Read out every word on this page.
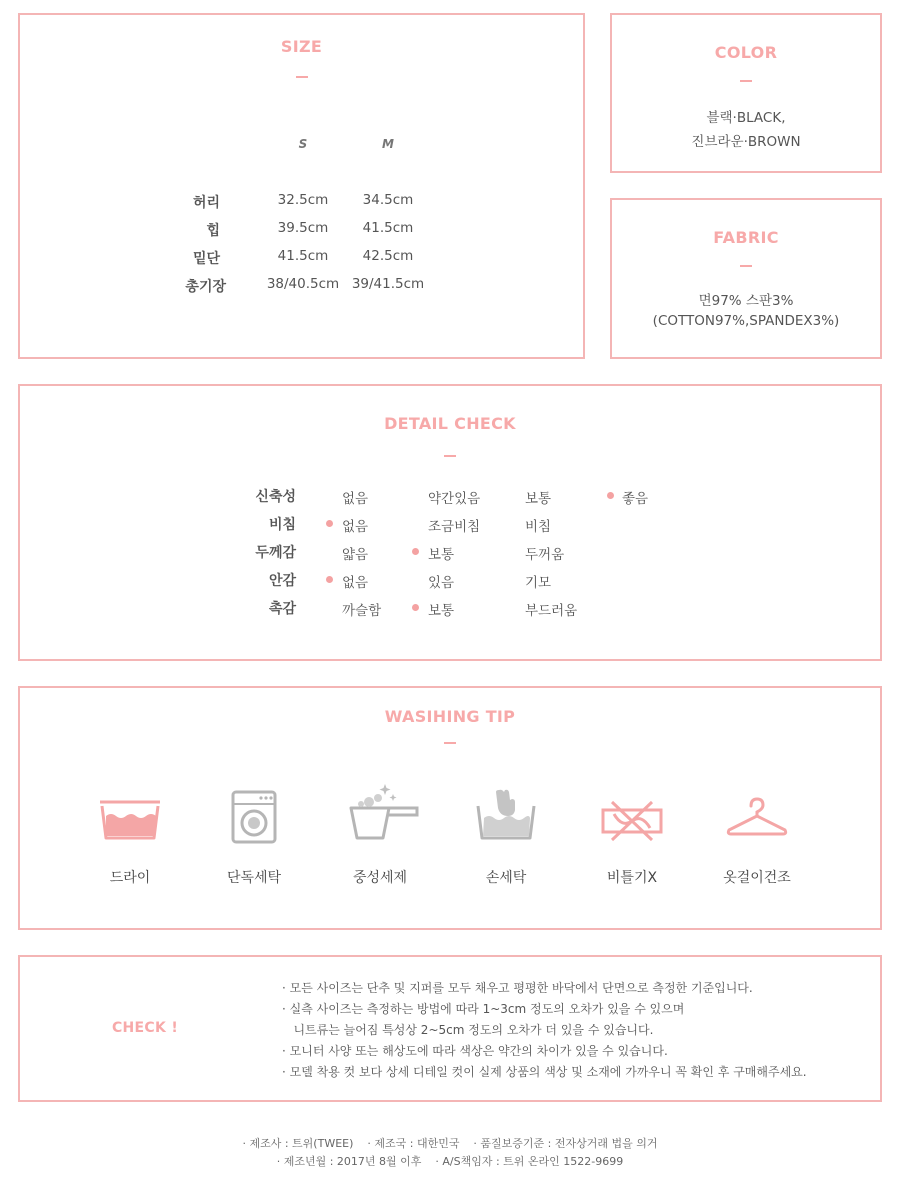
SIZE
S	M
허리	32.5cm	34.5cm
힙	39.5cm	41.5cm
밑단	41.5cm	42.5cm
총기장	38/40.5cm 39/41.5cm
COLOR
블랙·BLACK,
진브라운·BROWN
FABRIC
면97% 스판3%
(COTTON97%,SPANDEX3%)
DETAIL CHECK
신축성	없음	약간있음	보통	좋음
비침	없음	조금비침	비침
두께감	얇음	보통	두꺼움
안감	없음	있음	기모
촉감	까슬함	보통	부드러움
WASIHING TIP
드라이	단독세탁	중성세제	손세탁	비틀기X	옷걸이건조
CHECK !
· 모든 사이즈는 단추 및 지퍼를 모두 채우고 평평한 바닥에서 단면으로 측정한 기준입니다.
· 실측 사이즈는 측정하는 방법에 따라 1~3cm 정도의 오차가 있을 수 있으며
니트류는 늘어짐 특성상 2~5cm 정도의 오차가 더 있을 수 있습니다.
· 모니터 사양 또는 해상도에 따라 색상은 약간의 차이가 있을 수 있습니다.
· 모델 착용 컷 보다 상세 디테일 컷이 실제 상품의 색상 및 소재에 가까우니 꼭 확인 후 구매해주세요.
· 제조사 : 트위(TWEE)    · 제조국 : 대한민국    · 품질보증기준 : 전자상거래 법을 의거
· 제조년월 : 2017년 8월 이후    · A/S책임자 : 트위 온라인 1522-9699
